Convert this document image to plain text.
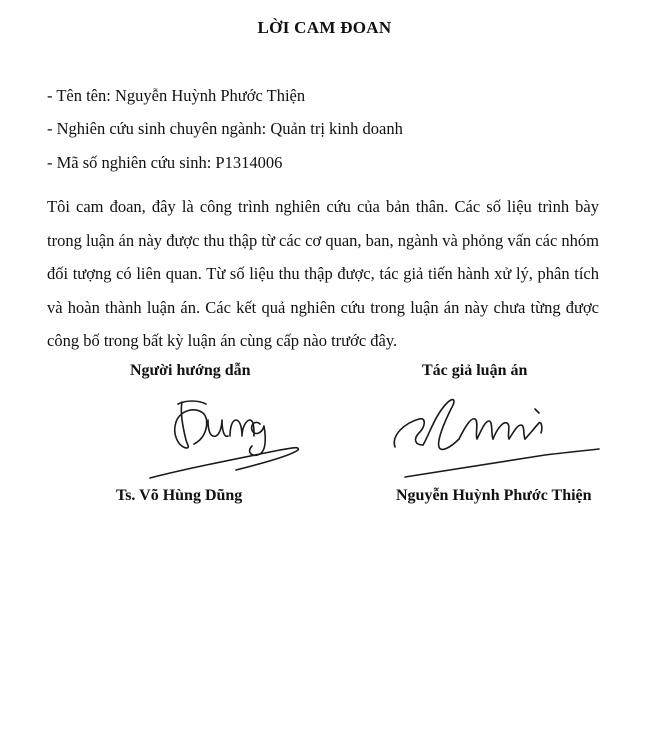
LỜI CAM ĐOAN
- Tên tên: Nguyễn Huỳnh Phước Thiện
- Nghiên cứu sinh chuyên ngành: Quản trị kinh doanh
- Mã số nghiên cứu sinh: P1314006
Tôi cam đoan, đây là công trình nghiên cứu của bản thân. Các số liệu trình bày
trong luận án này được thu thập từ các cơ quan, ban, ngành và phỏng vấn các nhóm
đối tượng có liên quan. Từ số liệu thu thập được, tác giả tiến hành xử lý, phân tích
và hoàn thành luận án. Các kết quả nghiên cứu trong luận án này chưa từng được
công bố trong bất kỳ luận án cùng cấp nào trước đây.
Người hướng dẫn	Tác giả luận án
Ts. Võ Hùng Dũng	Nguyễn Huỳnh Phước Thiện
